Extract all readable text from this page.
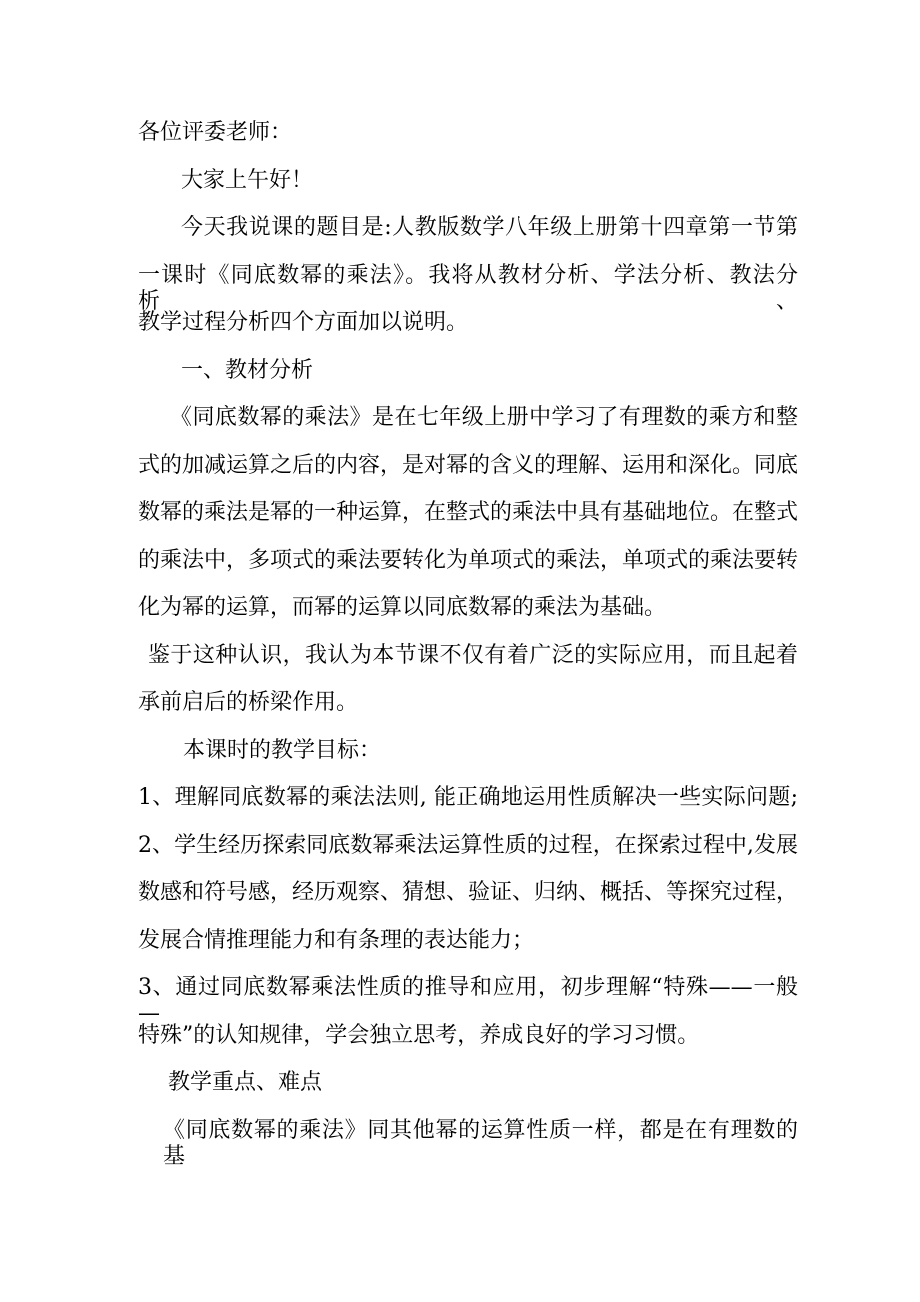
各位评委老师：
大家上午好！
今天我说课的题目是:人教版数学八年级上册第十四章第一节第
一课时《同底数幂的乘法》。我将从教材分析、学法分析、教法分析、
教学过程分析四个方面加以说明。
一、教材分析
《同底数幂的乘法》是在七年级上册中学习了有理数的乘方和整
式的加减运算之后的内容，是对幂的含义的理解、运用和深化。同底
数幂的乘法是幂的一种运算，在整式的乘法中具有基础地位。在整式
的乘法中，多项式的乘法要转化为单项式的乘法，单项式的乘法要转
化为幂的运算，而幂的运算以同底数幂的乘法为基础。
鉴于这种认识，我认为本节课不仅有着广泛的实际应用，而且起着
承前启后的桥梁作用。
本课时的教学目标：
1、理解同底数幂的乘法法则, 能正确地运用性质解决一些实际问题;
2、学生经历探索同底数幂乘法运算性质的过程，在探索过程中,发展
数感和符号感，经历观察、猜想、验证、归纳、概括、等探究过程，
发展合情推理能力和有条理的表达能力；
3、通过同底数幂乘法性质的推导和应用，初步理解“特殊——一般—
特殊”的认知规律，学会独立思考，养成良好的学习习惯。
教学重点、难点
《同底数幂的乘法》同其他幂的运算性质一样，都是在有理数的基
